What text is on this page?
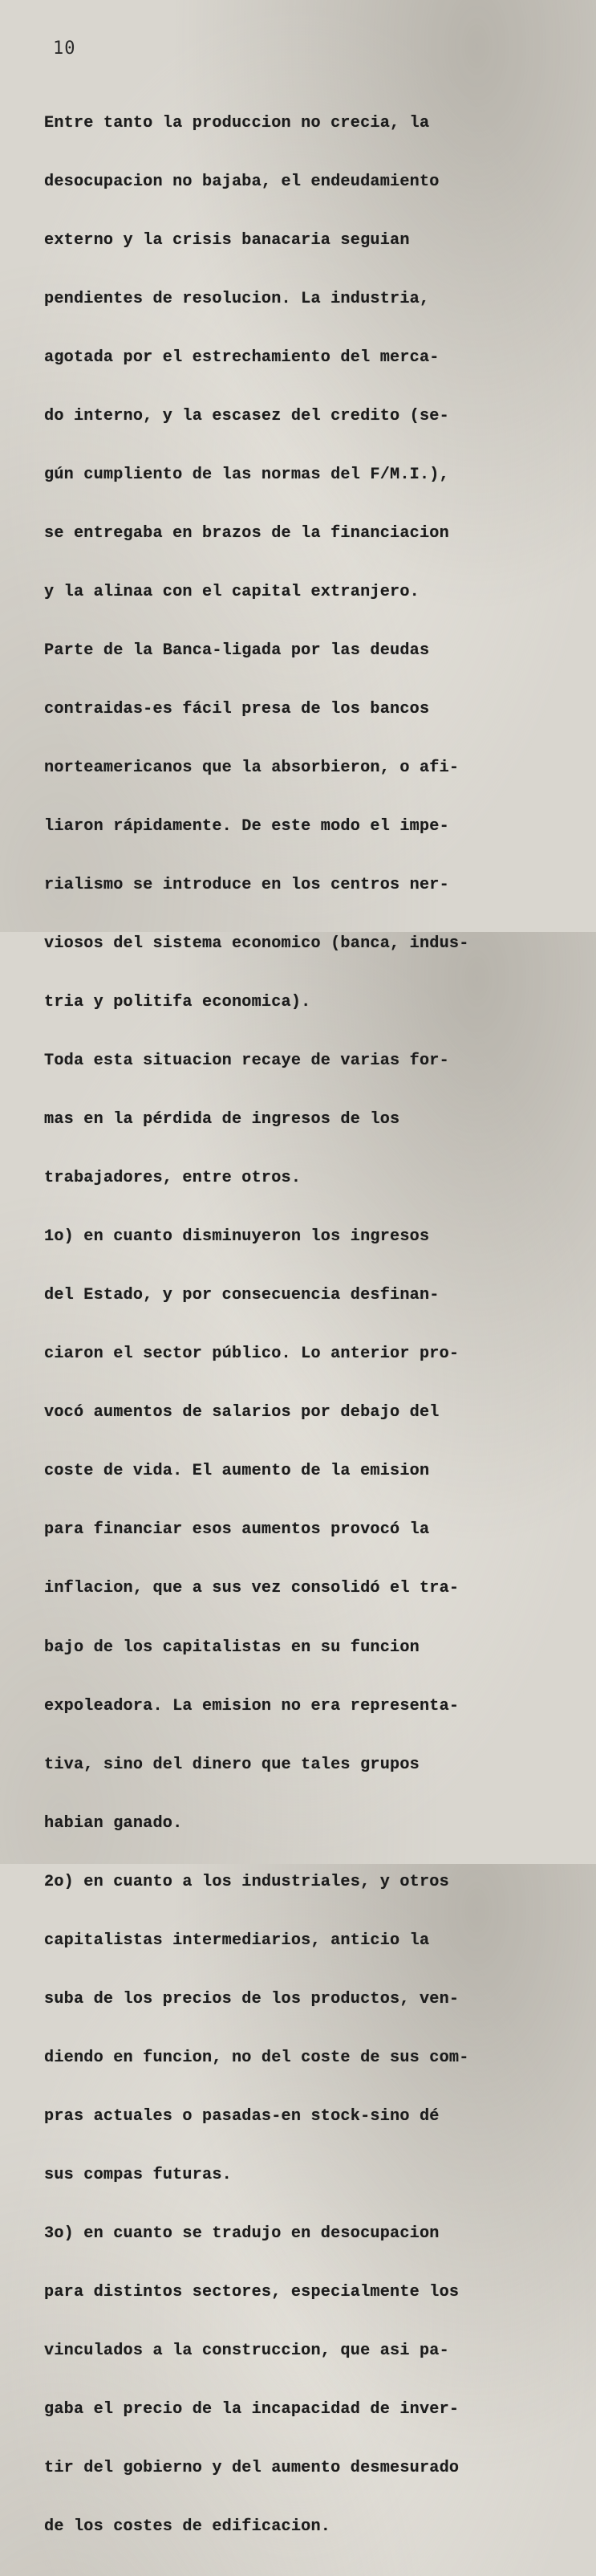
10

Entre tanto la produccion no crecia, la

desocupacion no bajaba, el endeudamiento

externo y la crisis banacaria seguian

pendientes de resolucion. La industria,

agotada por el estrechamiento del merca-

do interno, y la escasez del credito (se-

gún cumpliento de las normas del F/M.I.),

se entregaba en brazos de la financiacion

y la alinaa con el capital extranjero.

Parte de la Banca-ligada por las deudas

contraidas-es fácil presa de los bancos

norteamericanos que la absorbieron, o afi-

liaron rápidamente. De este modo el impe-

rialismo se introduce en los centros ner-

viosos del sistema economico (banca, indus-

tria y politifa economica).

Toda esta situacion recaye de varias for-

mas en la pérdida de ingresos de los

trabajadores, entre otros.

1o) en cuanto disminuyeron los ingresos

del Estado, y por consecuencia desfinan-

ciaron el sector público. Lo anterior pro-

vocó aumentos de salarios por debajo del

coste de vida. El aumento de la emision

para financiar esos aumentos provocó la

inflacion, que a sus vez consolidó el tra-

bajo de los capitalistas en su funcion

expoleadora. La emision no era representa-

tiva, sino del dinero que tales grupos

habian ganado.

2o) en cuanto a los industriales, y otros

capitalistas intermediarios, anticio la

suba de los precios de los productos, ven-

diendo en funcion, no del coste de sus com-

pras actuales o pasadas-en stock-sino dé

sus compas futuras.

3o) en cuanto se tradujo en desocupacion

para distintos sectores, especialmente los

vinculados a la construccion, que asi pa-

gaba el precio de la incapacidad de inver-

tir del gobierno y del aumento desmesurado

de los costes de edificacion.
